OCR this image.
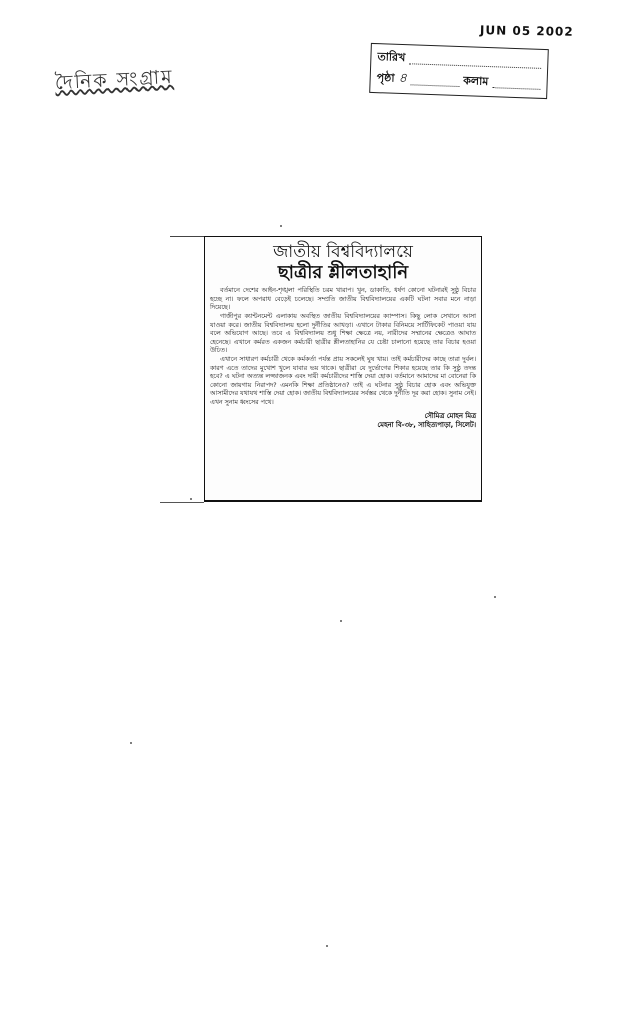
JUN 05 2002
দৈনিক সংগ্রাম
তারিখ
পৃষ্ঠা ৪	কলাম
জাতীয় বিশ্ববিদ্যালয়ে
ছাত্রীর শ্লীলতাহানি

বর্তমানে দেশের আইন-শৃঙ্খলা পরিস্থিতি চরম খারাপ। খুন, ডাকাতি, ধর্ষণ কোনো ঘটনারই সুষ্ঠু বিচার হচ্ছে না। ফলে অপরাধ বেড়েই চলেছে। সম্প্রতি জাতীয় বিশ্ববিদ্যালয়ের একটি ঘটনা সবার মনে নাড়া দিয়েছে।

গাজীপুর ক্যান্টনমেন্ট এলাকায় অবস্থিত জাতীয় বিশ্ববিদ্যালয়ের ক্যাম্পাস। কিছু লোক সেখানে আসা যাওয়া করে। জাতীয় বিশ্ববিদ্যালয় হলো দুর্নীতির আখড়া। এখানে টাকার বিনিময়ে সার্টিফিকেট পাওয়া যায় বলে অভিযোগ আছে। তবে এ বিশ্ববিদ্যালয় শুধু শিক্ষা ক্ষেত্রে নয়, নারীদের সম্মানের ক্ষেত্রেও আঘাত হেনেছে। এখানে কর্মরত একজন কর্মচারী ছাত্রীর শ্লীলতাহানির যে চেষ্টা চালানো হয়েছে তার বিচার হওয়া উচিত।

এখানে সাধারণ কর্মচারী থেকে কর্মকর্তা পর্যন্ত প্রায় সকলেই ঘুষ খায়। তাই কর্মচারীদের কাছে তারা দুর্বল। কারণ এতে তাদের মুখোশ খুলে যাবার ভয় থাকে। ছাত্রীরা যে দুর্ভোগের শিকার হয়েছে তার কি সুষ্ঠু তদন্ত হবে? এ ঘটনা অত্যন্ত লজ্জাজনক এবং দায়ী কর্মচারীদের শাস্তি দেয়া হোক। বর্তমানে আমাদের মা বোনেরা কি কোনো জায়গায় নিরাপদ? এমনকি শিক্ষা প্রতিষ্ঠানেও? তাই এ ঘটনার সুষ্ঠু বিচার হোক এবং অভিযুক্ত আসামীদের যথাযথ শাস্তি দেয়া হোক। জাতীয় বিশ্ববিদ্যালয়ের সর্বস্তর থেকে দুর্নীতি দূর করা হোক। সুনাম নেই। এখন সুনাম ধ্বংসের পথে।

সৌমিত্র মোহন মিত্র
মেহনা বি-৩৮, সাহিত্যপাড়া, সিলেট।
